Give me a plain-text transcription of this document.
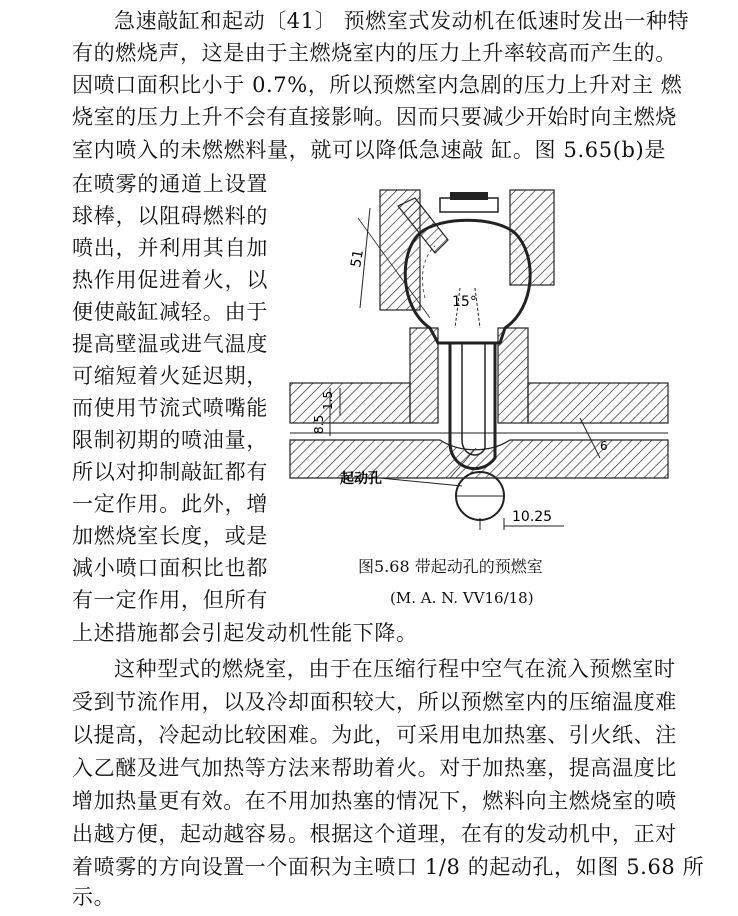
急速敲缸和起动〔41〕 预燃室式发动机在低速时发出一种特
有的燃烧声，这是由于主燃烧室内的压力上升率较高而产生的。
因喷口面积比小于 0.7%，所以预燃室内急剧的压力上升对主 燃
烧室的压力上升不会有直接影响。因而只要减少开始时向主燃烧
室内喷入的未燃燃料量，就可以降低急速敲 缸。图 5.65(b)是
在喷雾的通道上设置
球棒，以阻碍燃料的
喷出，并利用其自加
热作用促进着火，以
便使敲缸减轻。由于
提高壁温或进气温度
可缩短着火延迟期，
而使用节流式喷嘴能
限制初期的喷油量，
所以对抑制敲缸都有
一定作用。此外，增
加燃烧室长度，或是
减小喷口面积比也都
有一定作用，但所有
上述措施都会引起发动机性能下降。
这种型式的燃烧室，由于在压缩行程中空气在流入预燃室时
受到节流作用，以及冷却面积较大，所以预燃室内的压缩温度难
以提高，冷起动比较困难。为此，可采用电加热塞、引火纸、注
入乙醚及进气加热等方法来帮助着火。对于加热塞，提高温度比
增加热量更有效。在不用加热塞的情况下，燃料向主燃烧室的喷
出越方便，起动越容易。根据这个道理，在有的发动机中，正对
着喷雾的方向设置一个面积为主喷口 1/8 的起动孔，如图 5.68 所
示。
51
15°
1.5
8.5
6
起动孔
10.25
图5.68 带起动孔的预燃室
(M. A. N. VV16/18)
